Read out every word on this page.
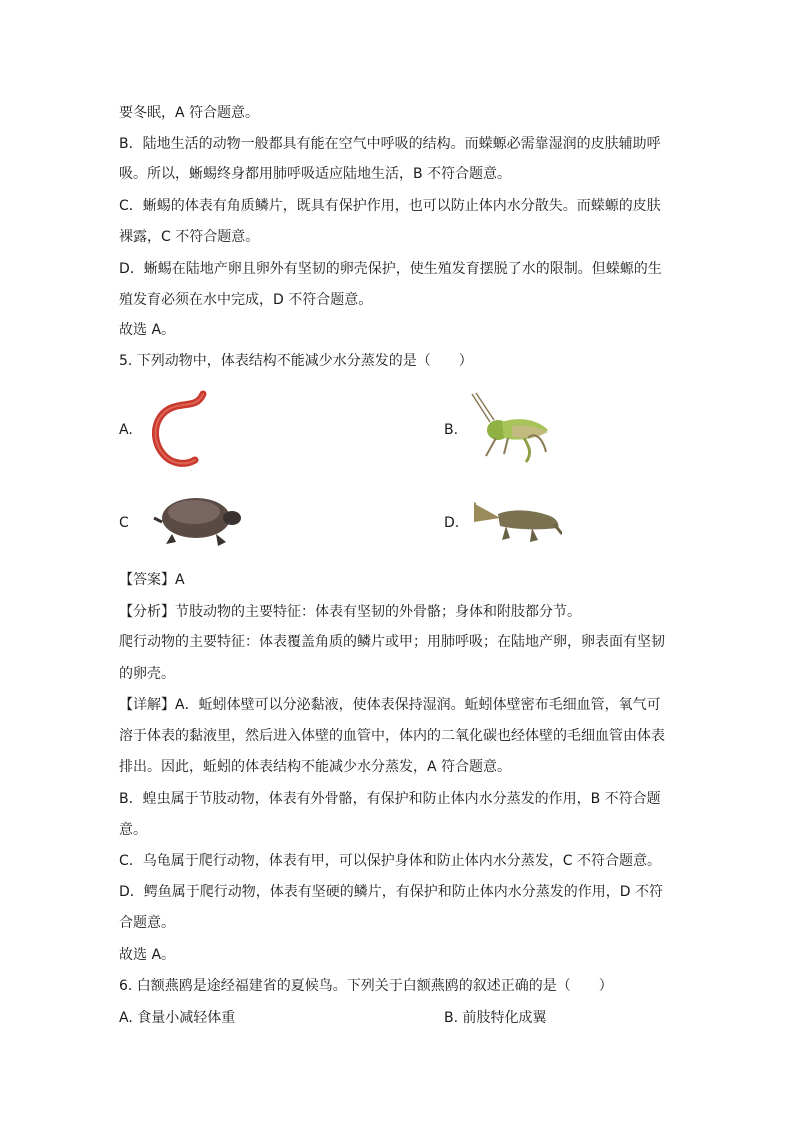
要冬眠，A 符合题意。
B．陆地生活的动物一般都具有能在空气中呼吸的结构。而蝾螈必需靠湿润的皮肤辅助呼
吸。所以，蜥蜴终身都用肺呼吸适应陆地生活，B 不符合题意。
C．蜥蜴的体表有角质鳞片，既具有保护作用，也可以防止体内水分散失。而蝾螈的皮肤
裸露，C 不符合题意。
D．蜥蜴在陆地产卵且卵外有坚韧的卵壳保护，使生殖发育摆脱了水的限制。但蝾螈的生
殖发育必须在水中完成，D 不符合题意。
故选 A。
5. 下列动物中，体表结构不能减少水分蒸发的是（　　）
A.	B.
C	D.
【答案】A
【分析】节肢动物的主要特征：体表有坚韧的外骨骼；身体和附肢都分节。
爬行动物的主要特征：体表覆盖角质的鳞片或甲；用肺呼吸；在陆地产卵，卵表面有坚韧
的卵壳。
【详解】A．蚯蚓体壁可以分泌黏液，使体表保持湿润。蚯蚓体壁密布毛细血管，氧气可
溶于体表的黏液里，然后进入体壁的血管中，体内的二氧化碳也经体壁的毛细血管由体表
排出。因此，蚯蚓的体表结构不能减少水分蒸发，A 符合题意。
B．蝗虫属于节肢动物，体表有外骨骼，有保护和防止体内水分蒸发的作用，B 不符合题
意。
C．乌龟属于爬行动物，体表有甲，可以保护身体和防止体内水分蒸发，C 不符合题意。
D．鳄鱼属于爬行动物，体表有坚硬的鳞片，有保护和防止体内水分蒸发的作用，D 不符
合题意。
故选 A。
6. 白额燕鸥是途经福建省的夏候鸟。下列关于白额燕鸥的叙述正确的是（　　）
A. 食量小减轻体重	B. 前肢特化成翼
